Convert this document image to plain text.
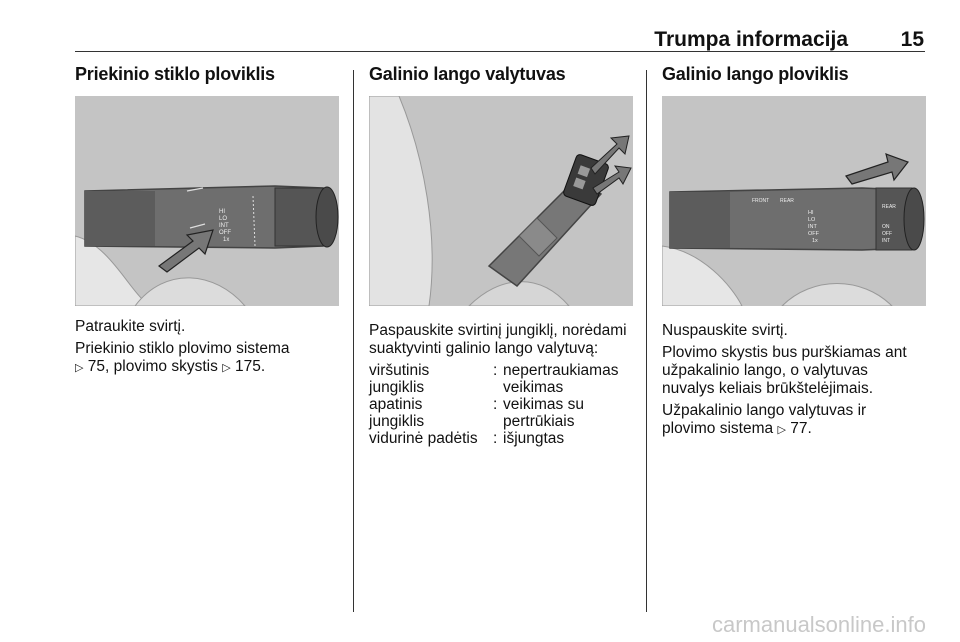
Trumpa informacija	15
Priekinio stiklo ploviklis
HI
LO
INT
OFF
1x

Patraukite svirtį.

Priekinio stiklo plovimo sistema
▷ 75, plovimo skystis ▷ 175.

Galinio lango valytuvas

Paspauskite svirtinį jungiklį, norėdami
suaktyvinti galinio lango valytuvą:

viršutinis
jungiklis	:	nepertraukiamas
veikimas
apatinis
jungiklis	:	veikimas su
pertrūkiais
vidurinė padėtis	:	išjungtas
Galinio lango ploviklis
FRONT REAR
HI
LO
INT
OFF
1x
REAR
ON
OFF
INT

Nuspauskite svirtį.

Plovimo skystis bus purškiamas ant
užpakalinio lango, o valytuvas
nuvalys keliais brūkštelėjimais.

Užpakalinio lango valytuvas ir
plovimo sistema ▷ 77.

carmanualsonline.info
